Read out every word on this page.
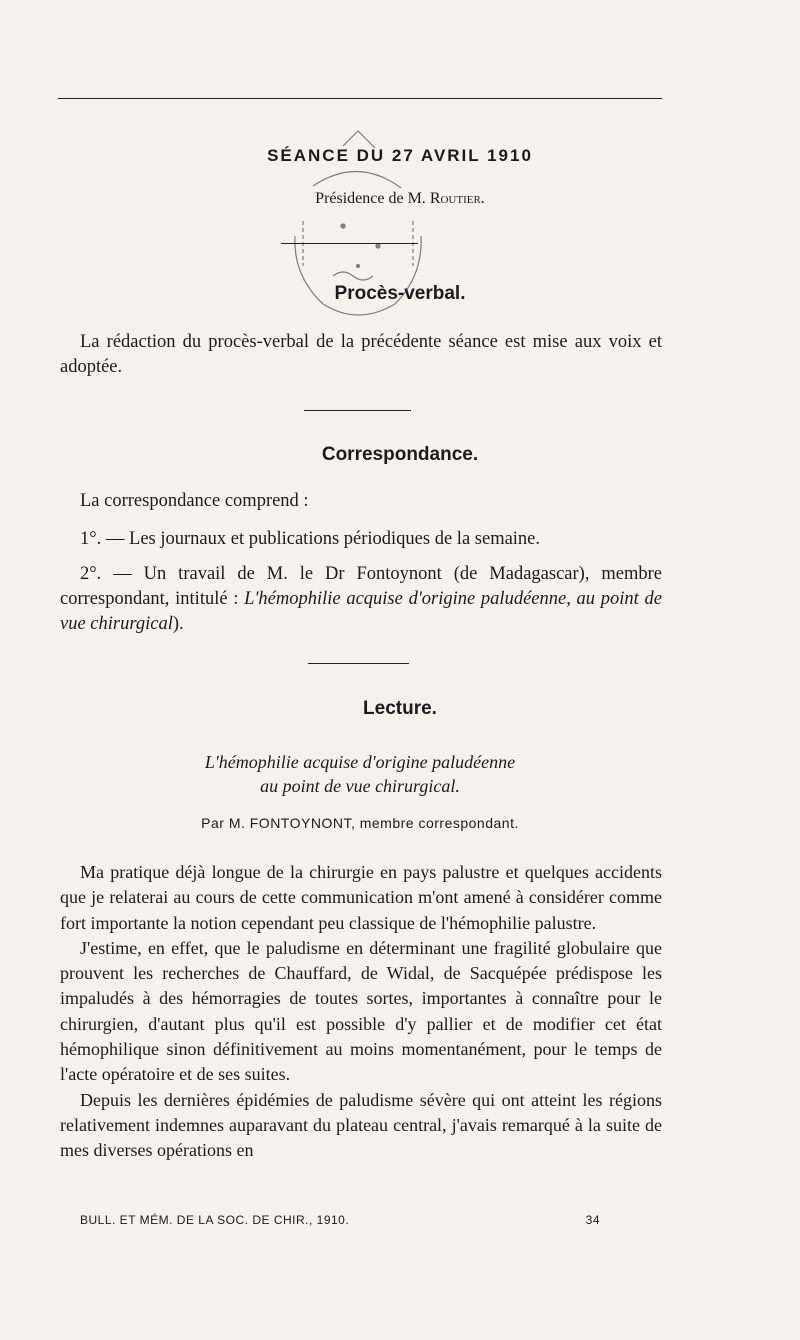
SÉANCE DU 27 AVRIL 1910
Présidence de M. Routier.
Procès-verbal.
La rédaction du procès-verbal de la précédente séance est mise aux voix et adoptée.
Correspondance.
La correspondance comprend :
1°. — Les journaux et publications périodiques de la semaine.
2°. — Un travail de M. le Dr Fontoynont (de Madagascar), membre correspondant, intitulé : L'hémophilie acquise d'origine paludéenne, au point de vue chirurgical).
Lecture.
L'hémophilie acquise d'origine paludéenne
au point de vue chirurgical.
Par M. FONTOYNONT, membre correspondant.

Ma pratique déjà longue de la chirurgie en pays palustre et quelques accidents que je relaterai au cours de cette communication m'ont amené à considérer comme fort importante la notion cependant peu classique de l'hémophilie palustre.

J'estime, en effet, que le paludisme en déterminant une fragilité globulaire que prouvent les recherches de Chauffard, de Widal, de Sacquépée prédispose les impaludés à des hémorragies de toutes sortes, importantes à connaître pour le chirurgien, d'autant plus qu'il est possible d'y pallier et de modifier cet état hémophilique sinon définitivement au moins momentanément, pour le temps de l'acte opératoire et de ses suites.

Depuis les dernières épidémies de paludisme sévère qui ont atteint les régions relativement indemnes auparavant du plateau central, j'avais remarqué à la suite de mes diverses opérations en

BULL. ET MÉM. DE LA SOC. DE CHIR., 1910.	34
